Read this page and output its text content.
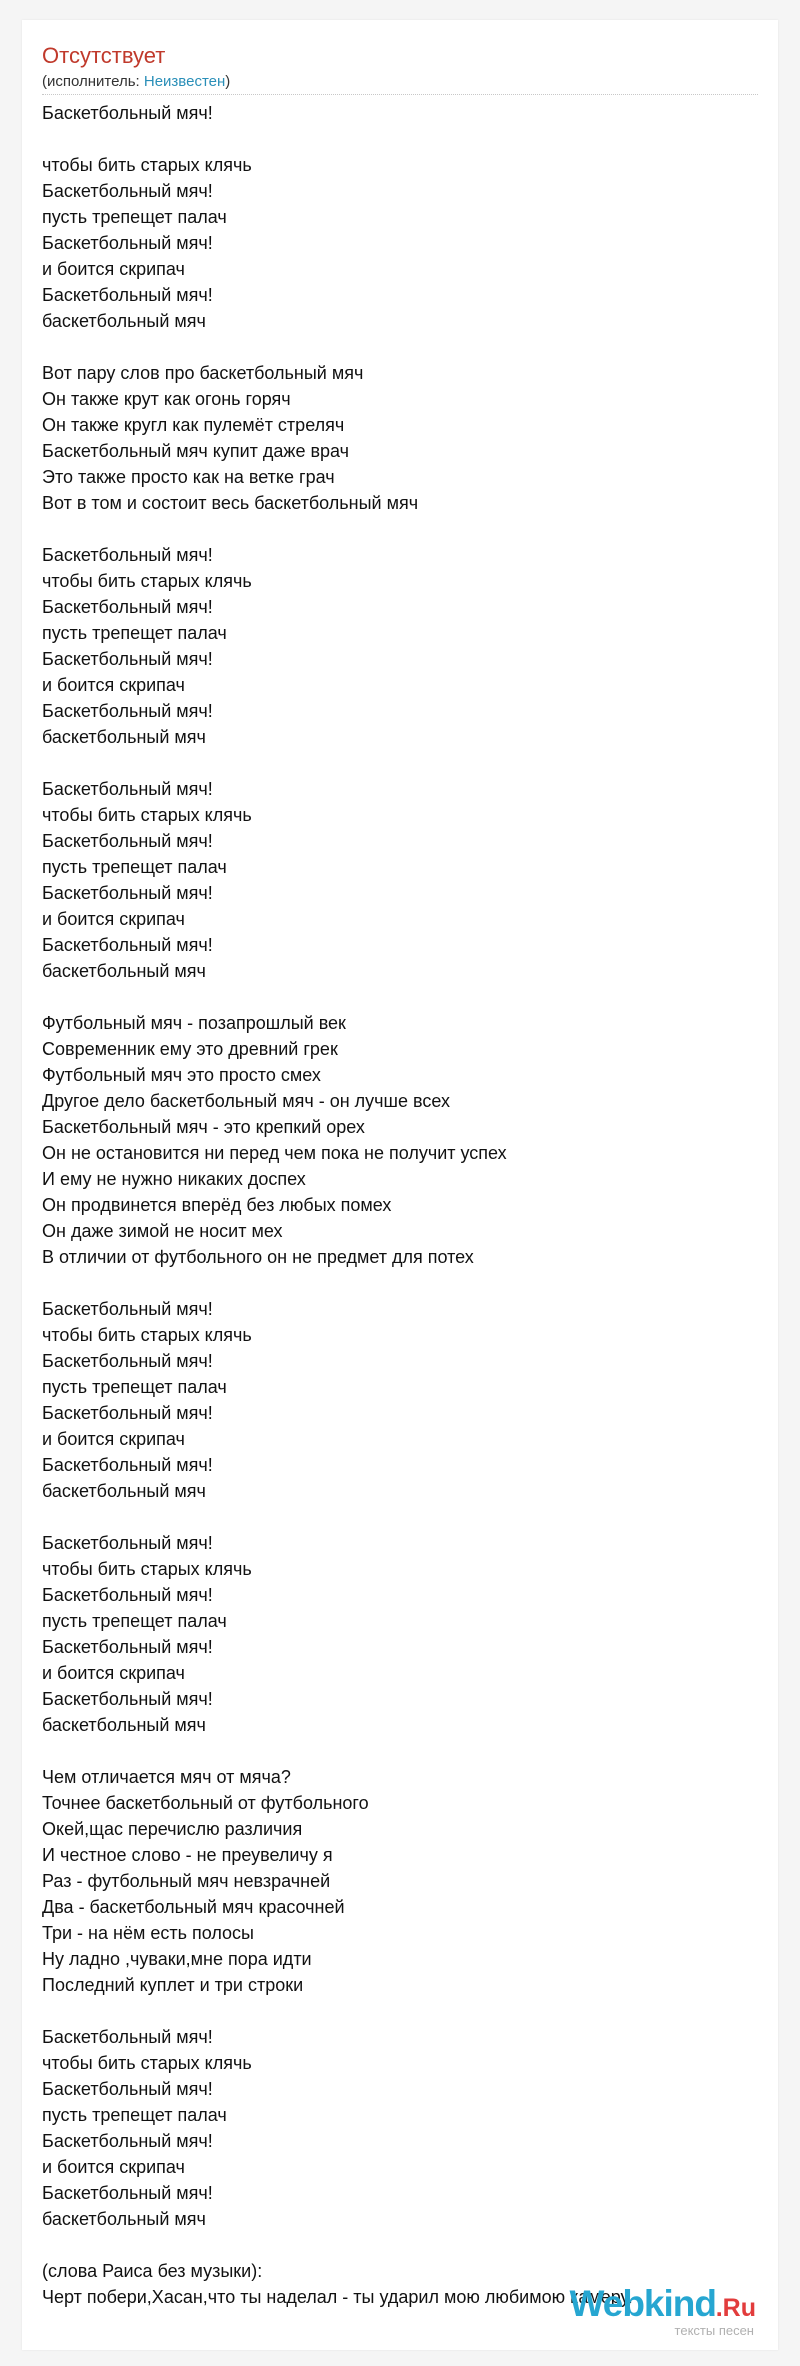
Отсутствует
(исполнитель: Неизвестен)
Баскетбольный мяч!

чтобы бить старых клячь
Баскетбольный мяч!
пусть трепещет палач
Баскетбольный мяч!
и боится скрипач
Баскетбольный мяч!
баскетбольный мяч

Вот пару слов про баскетбольный мяч
Он также крут как огонь горяч
Он также кругл как пулемёт стреляч
Баскетбольный мяч купит даже врач
Это также просто как на ветке грач
Вот в том и состоит весь баскетбольный мяч

Баскетбольный мяч!
чтобы бить старых клячь
Баскетбольный мяч!
пусть трепещет палач
Баскетбольный мяч!
и боится скрипач
Баскетбольный мяч!
баскетбольный мяч

Баскетбольный мяч!
чтобы бить старых клячь
Баскетбольный мяч!
пусть трепещет палач
Баскетбольный мяч!
и боится скрипач
Баскетбольный мяч!
баскетбольный мяч

Футбольный мяч - позапрошлый век
Современник ему это древний грек
Футбольный мяч это просто смех
Другое дело баскетбольный мяч - он лучше всех
Баскетбольный мяч - это крепкий орех
Он не остановится ни перед чем пока не получит успех
И ему не нужно никаких доспех
Он продвинется вперёд без любых помех
Он даже зимой не носит мех
В отличии от футбольного он не предмет для потех

Баскетбольный мяч!
чтобы бить старых клячь
Баскетбольный мяч!
пусть трепещет палач
Баскетбольный мяч!
и боится скрипач
Баскетбольный мяч!
баскетбольный мяч

Баскетбольный мяч!
чтобы бить старых клячь
Баскетбольный мяч!
пусть трепещет палач
Баскетбольный мяч!
и боится скрипач
Баскетбольный мяч!
баскетбольный мяч

Чем отличается мяч от мяча?
Точнее баскетбольный от футбольного
Окей,щас перечислю различия
И честное слово - не преувеличу я
Раз - футбольный мяч невзрачней
Два - баскетбольный мяч красочней
Три - на нём есть полосы
Ну ладно ,чуваки,мне пора идти
Последний куплет и три строки

Баскетбольный мяч!
чтобы бить старых клячь
Баскетбольный мяч!
пусть трепещет палач
Баскетбольный мяч!
и боится скрипач
Баскетбольный мяч!
баскетбольный мяч

(слова Раиса без музыки):
Черт побери,Хасан,что ты наделал - ты ударил мою любимою камеру.
Webkind .Ru
тексты песен
